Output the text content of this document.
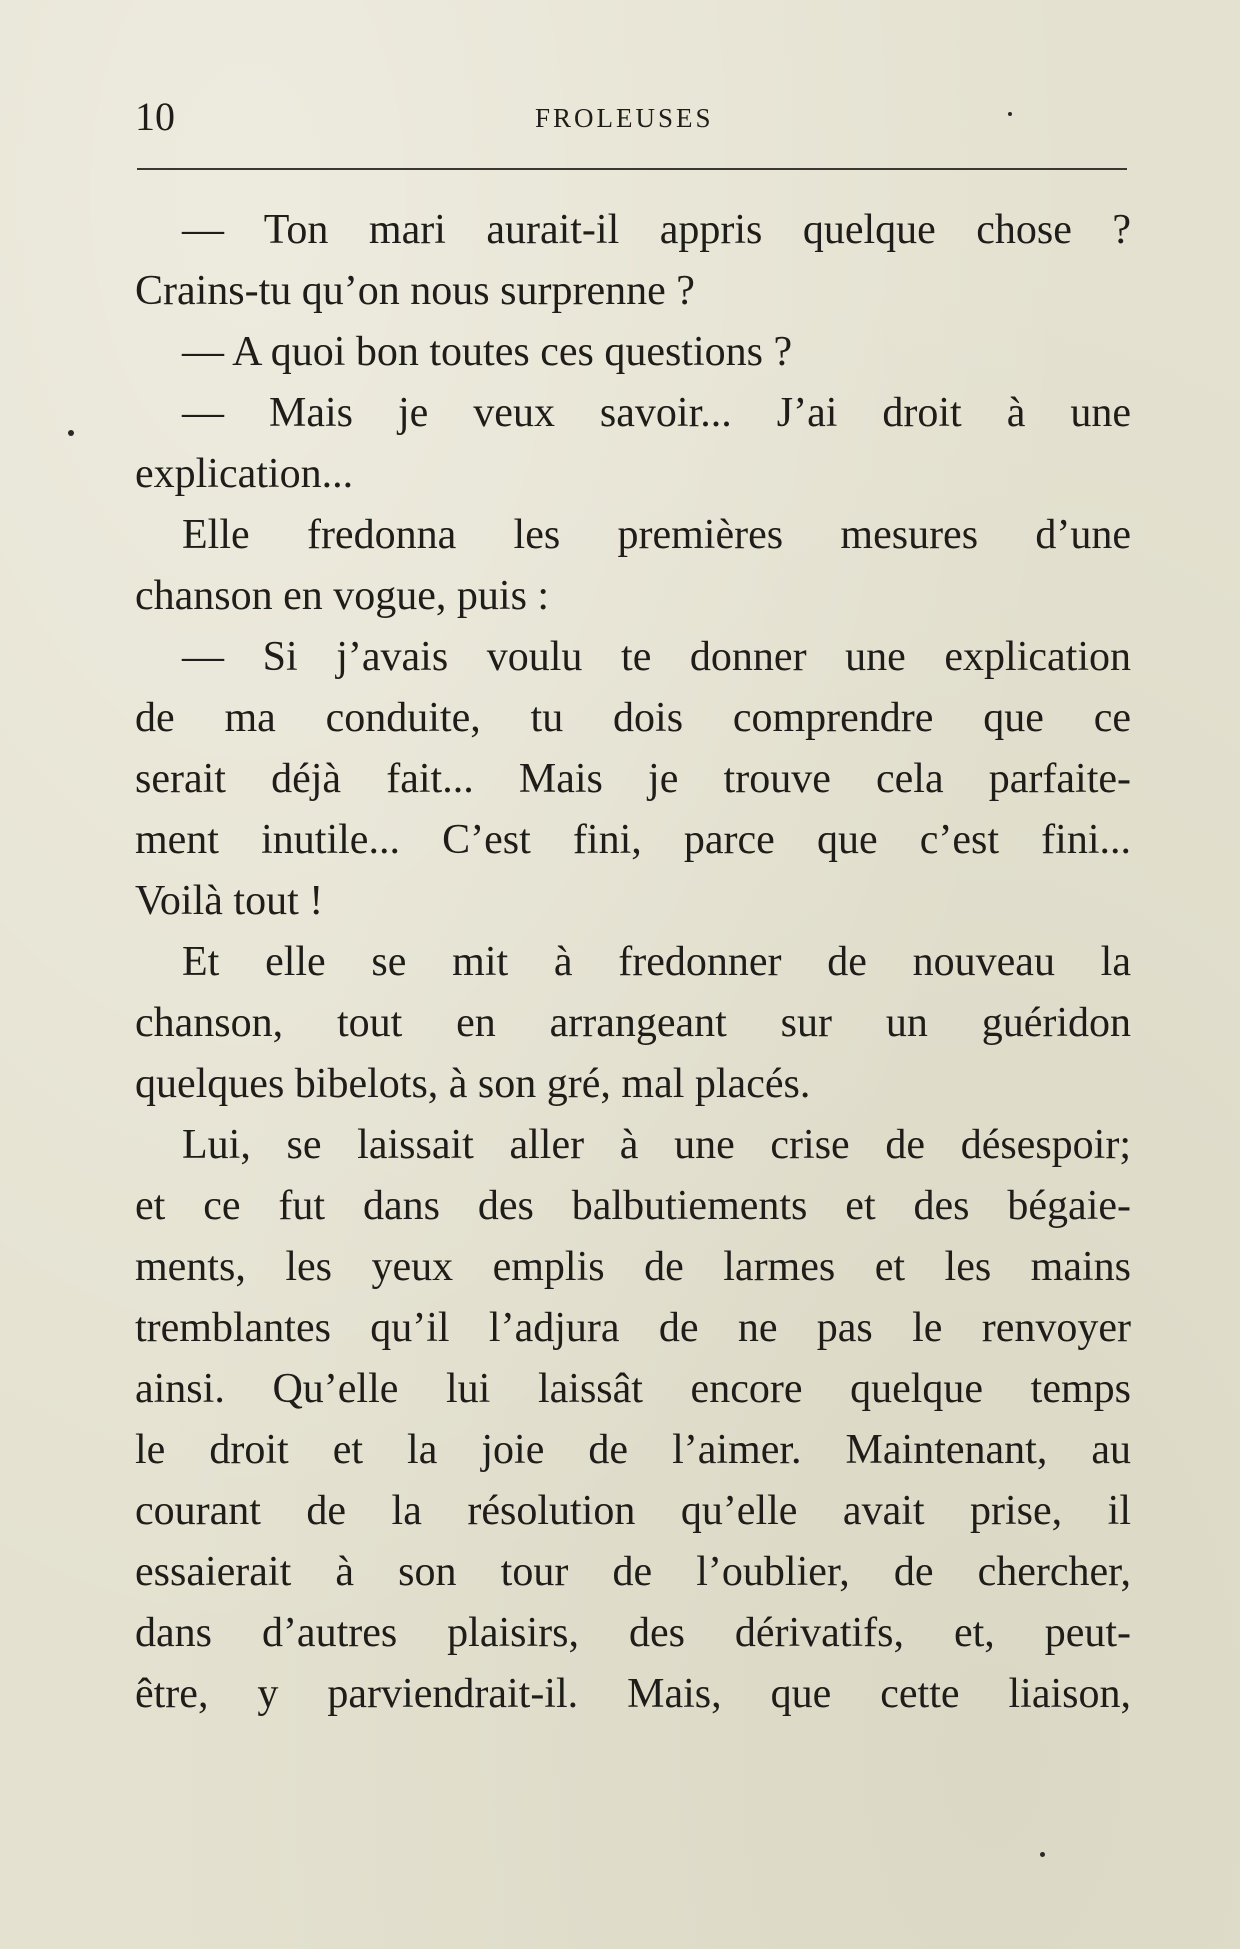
10	FROLEUSES
— Ton mari aurait-il appris quelque chose ?
Crains-tu qu’on nous surprenne ?
— A quoi bon toutes ces questions ?
— Mais je veux savoir... J’ai droit à une
explication...
Elle fredonna les premières mesures d’une
chanson en vogue, puis :
— Si j’avais voulu te donner une explication
de ma conduite, tu dois comprendre que ce
serait déjà fait... Mais je trouve cela parfaite-
ment inutile... C’est fini, parce que c’est fini...
Voilà tout !
Et elle se mit à fredonner de nouveau la
chanson, tout en arrangeant sur un guéridon
quelques bibelots, à son gré, mal placés.
Lui, se laissait aller à une crise de désespoir;
et ce fut dans des balbutiements et des bégaie-
ments, les yeux emplis de larmes et les mains
tremblantes qu’il l’adjura de ne pas le renvoyer
ainsi. Qu’elle lui laissât encore quelque temps
le droit et la joie de l’aimer. Maintenant, au
courant de la résolution qu’elle avait prise, il
essaierait à son tour de l’oublier, de chercher,
dans d’autres plaisirs, des dérivatifs, et, peut-
être, y parviendrait-il. Mais, que cette liaison,
